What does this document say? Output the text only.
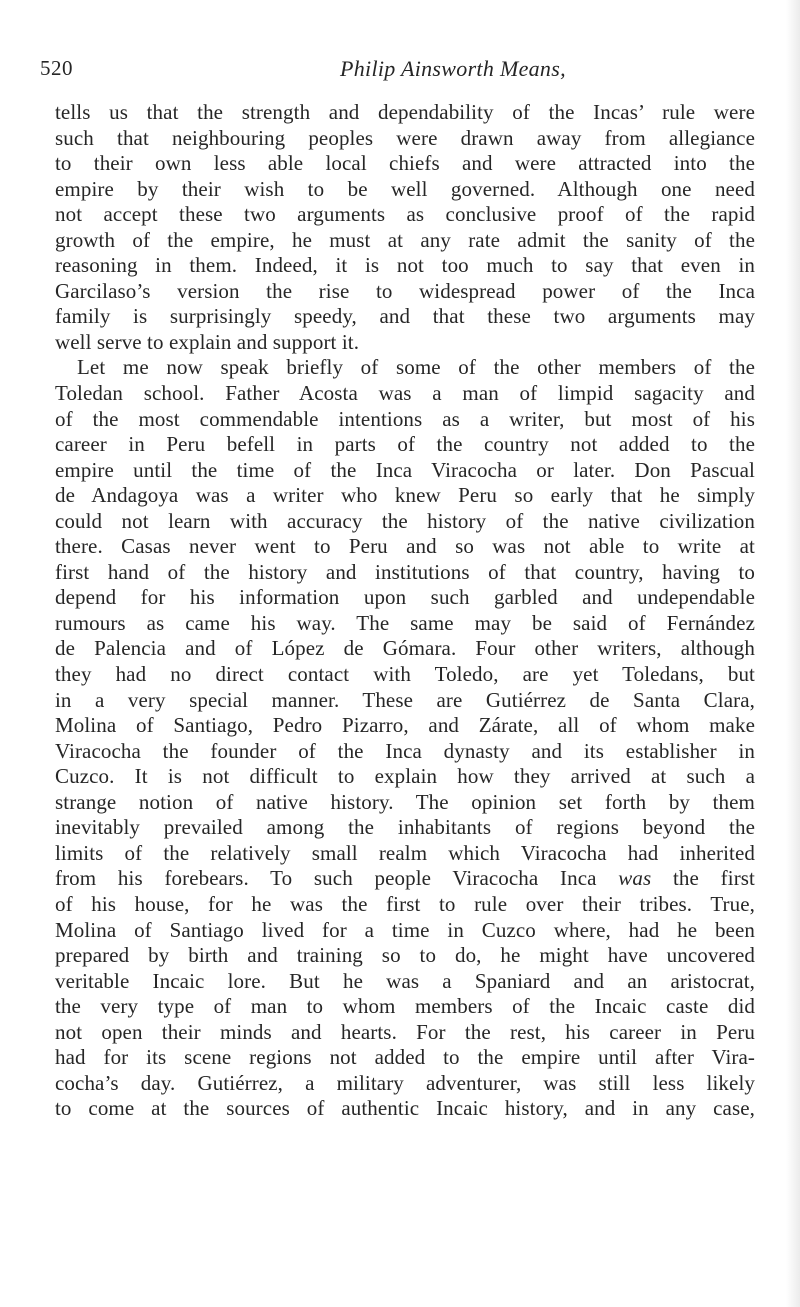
520	Philip Ainsworth Means,
tells us that the strength and dependability of the Incas’ rule were
such that neighbouring peoples were drawn away from allegiance
to their own less able local chiefs and were attracted into the
empire by their wish to be well governed. Although one need
not accept these two arguments as conclusive proof of the rapid
growth of the empire, he must at any rate admit the sanity of the
reasoning in them. Indeed, it is not too much to say that even in
Garcilaso’s version the rise to widespread power of the Inca
family is surprisingly speedy, and that these two arguments may
well serve to explain and support it.
Let me now speak briefly of some of the other members of the
Toledan school. Father Acosta was a man of limpid sagacity and
of the most commendable intentions as a writer, but most of his
career in Peru befell in parts of the country not added to the
empire until the time of the Inca Viracocha or later. Don Pascual
de Andagoya was a writer who knew Peru so early that he simply
could not learn with accuracy the history of the native civilization
there. Casas never went to Peru and so was not able to write at
first hand of the history and institutions of that country, having to
depend for his information upon such garbled and undependable
rumours as came his way. The same may be said of Fernández
de Palencia and of López de Gómara. Four other writers, although
they had no direct contact with Toledo, are yet Toledans, but
in a very special manner. These are Gutiérrez de Santa Clara,
Molina of Santiago, Pedro Pizarro, and Zárate, all of whom make
Viracocha the founder of the Inca dynasty and its establisher in
Cuzco. It is not difficult to explain how they arrived at such a
strange notion of native history. The opinion set forth by them
inevitably prevailed among the inhabitants of regions beyond the
limits of the relatively small realm which Viracocha had inherited
from his forebears. To such people Viracocha Inca was the first
of his house, for he was the first to rule over their tribes. True,
Molina of Santiago lived for a time in Cuzco where, had he been
prepared by birth and training so to do, he might have uncovered
veritable Incaic lore. But he was a Spaniard and an aristocrat,
the very type of man to whom members of the Incaic caste did
not open their minds and hearts. For the rest, his career in Peru
had for its scene regions not added to the empire until after Vira-
cocha’s day. Gutiérrez, a military adventurer, was still less likely
to come at the sources of authentic Incaic history, and in any case,
